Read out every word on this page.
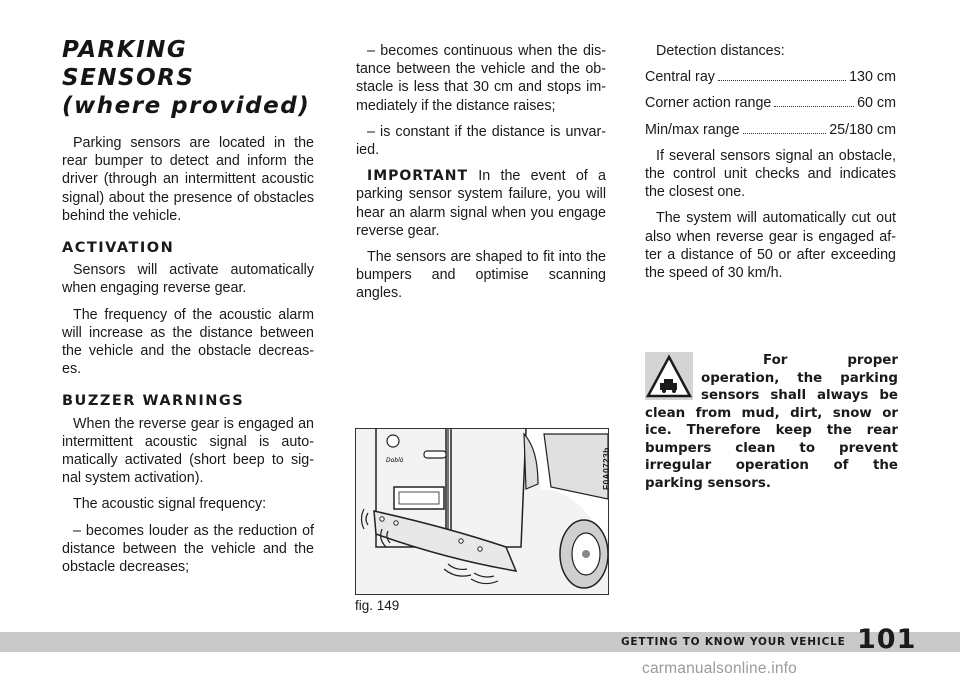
PARKING SENSORS
(where provided)

Parking sensors are located in the rear bumper to detect and inform the driver (through an intermittent acoustic signal) about the presence of obstacles behind the vehicle.

ACTIVATION

Sensors will activate automatically when engaging reverse gear.

The frequency of the acoustic alarm will increase as the distance between the vehicle and the obstacle decreas-es.

BUZZER WARNINGS

When the reverse gear is engaged an intermittent acoustic signal is auto-matically activated (short beep to sig-nal system activation).

The acoustic signal frequency:

– becomes louder as the reduction of distance between the vehicle and the obstacle decreases;

– becomes continuous when the dis-tance between the vehicle and the ob-stacle is less that 30 cm and stops im-mediately if the distance raises;

– is constant if the distance is unvar-ied.

IMPORTANT In the event of a parking sensor system failure, you will hear an alarm signal when you engage reverse gear.

The sensors are shaped to fit into the bumpers and optimise scanning angles.

Detection distances:

Central ray	130 cm
Corner action range	60 cm
Min/max range	25/180 cm

If several sensors signal an obstacle, the control unit checks and indicates the closest one.

The system will automatically cut out also when reverse gear is engaged af-ter a distance of 50 or after exceeding the speed of 30 km/h.

For proper operation, the parking sensors shall always be clean from mud, dirt, snow or ice. Therefore keep the rear bumpers clean to prevent irregular operation of the parking sensors.

Doblò	F0A0723b
fig. 149
GETTING TO KNOW YOUR VEHICLE 101
carmanualsonline.info
